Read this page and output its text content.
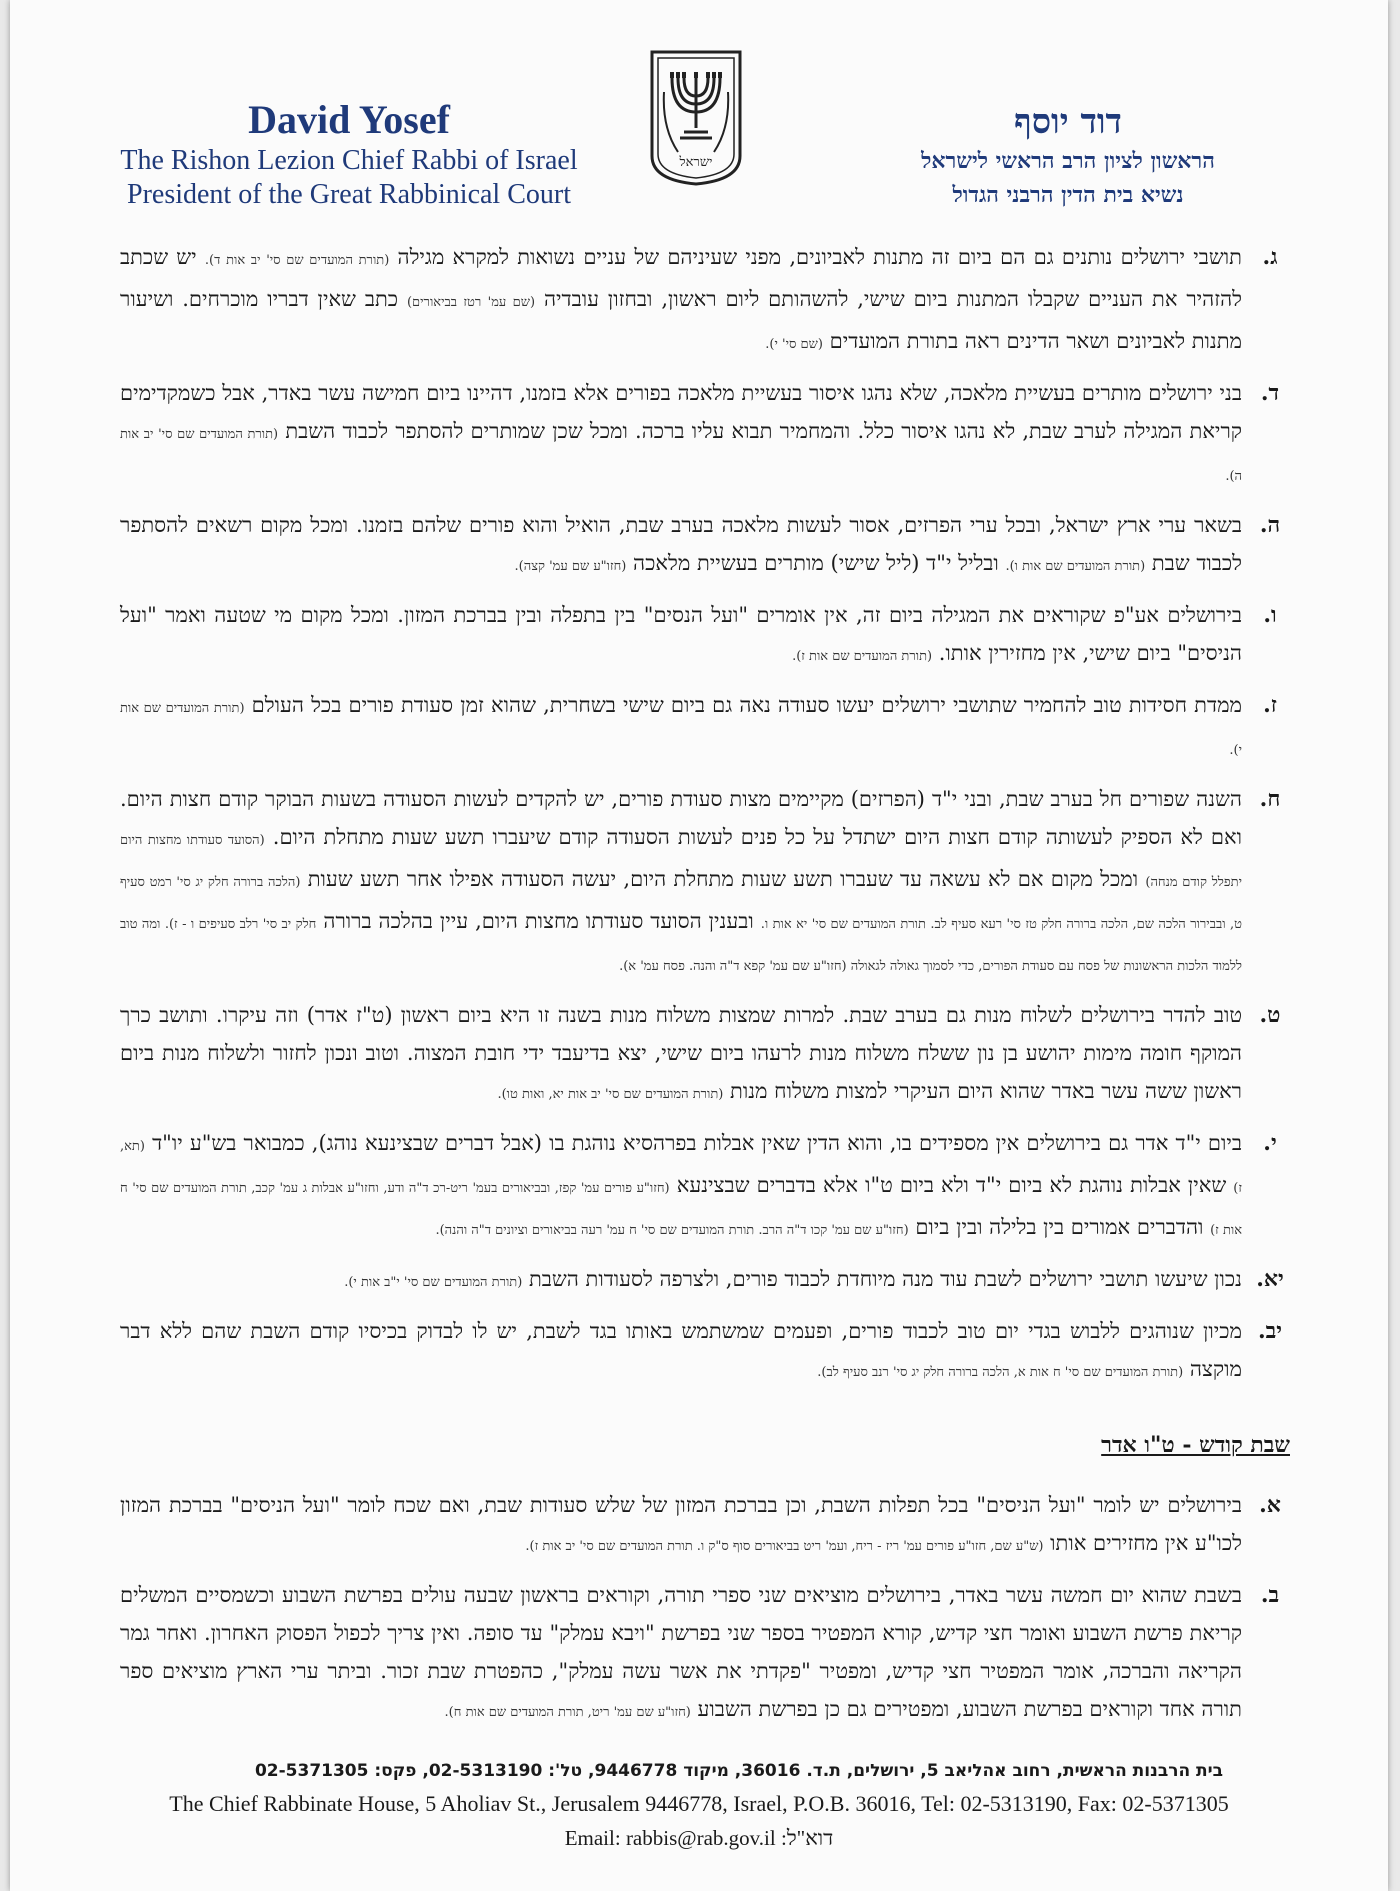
David Yosef
The Rishon Lezion Chief Rabbi of Israel
President of the Great Rabbinical Court
ישראל
דוד יוסף
הראשון לציון הרב הראשי לישראל
נשיא בית הדין הרבני הגדול
ג.
תושבי ירושלים נותנים גם הם ביום זה מתנות לאביונים, מפני שעיניהם של עניים נשואות למקרא מגילה (תורת המועדים שם סי' יב אות ד). יש שכתב להזהיר את העניים שקבלו המתנות ביום שישי, להשהותם ליום ראשון, ובחזון עובדיה (שם עמ' רטז בביאורים) כתב שאין דבריו מוכרחים. ושיעור מתנות לאביונים ושאר הדינים ראה בתורת המועדים (שם סי' י).
ד.
בני ירושלים מותרים בעשיית מלאכה, שלא נהגו איסור בעשיית מלאכה בפורים אלא בזמנו, דהיינו ביום חמישה עשר באדר, אבל כשמקדימים קריאת המגילה לערב שבת, לא נהגו איסור כלל. והמחמיר תבוא עליו ברכה. ומכל שכן שמותרים להסתפר לכבוד השבת (תורת המועדים שם סי' יב אות ה).
ה.
בשאר ערי ארץ ישראל, ובכל ערי הפרזים, אסור לעשות מלאכה בערב שבת, הואיל והוא פורים שלהם בזמנו. ומכל מקום רשאים להסתפר לכבוד שבת (תורת המועדים שם אות ו). ובליל י"ד (ליל שישי) מותרים בעשיית מלאכה (חזו"ע שם עמ' קצה).
ו.
בירושלים אע"פ שקוראים את המגילה ביום זה, אין אומרים "ועל הנסים" בין בתפלה ובין בברכת המזון. ומכל מקום מי שטעה ואמר "ועל הניסים" ביום שישי, אין מחזירין אותו. (תורת המועדים שם אות ז).
ז.
ממדת חסידות טוב להחמיר שתושבי ירושלים יעשו סעודה נאה גם ביום שישי בשחרית, שהוא זמן סעודת פורים בכל העולם (תורת המועדים שם אות י).
ח.
השנה שפורים חל בערב שבת, ובני י"ד (הפרזים) מקיימים מצות סעודת פורים, יש להקדים לעשות הסעודה בשעות הבוקר קודם חצות היום. ואם לא הספיק לעשותה קודם חצות היום ישתדל על כל פנים לעשות הסעודה קודם שיעברו תשע שעות מתחלת היום. (הסועד סעודתו מחצות היום יתפלל קודם מנחה) ומכל מקום אם לא עשאה עד שעברו תשע שעות מתחלת היום, יעשה הסעודה אפילו אחר תשע שעות (הלכה ברורה חלק יג סי' רמט סעיף ט, ובבירור הלכה שם, הלכה ברורה חלק טז סי' רעא סעיף לב. תורת המועדים שם סי' יא אות ו. ובענין הסועד סעודתו מחצות היום, עיין בהלכה ברורה חלק יב סי' רלב סעיפים ו - ז). ומה טוב ללמוד הלכות הראשונות של פסח עם סעודת הפורים, כדי לסמוך גאולה לגאולה (חזו"ע שם עמ' קפא ד"ה והנה. פסח עמ' א).
ט.
טוב להדר בירושלים לשלוח מנות גם בערב שבת. למרות שמצות משלוח מנות בשנה זו היא ביום ראשון (ט"ז אדר) וזה עיקרו. ותושב כרך המוקף חומה מימות יהושע בן נון ששלח משלוח מנות לרעהו ביום שישי, יצא בדיעבד ידי חובת המצוה. וטוב ונכון לחזור ולשלוח מנות ביום ראשון ששה עשר באדר שהוא היום העיקרי למצות משלוח מנות (תורת המועדים שם סי' יב אות יא, ואות טו).
י.
ביום י"ד אדר גם בירושלים אין מספידים בו, והוא הדין שאין אבלות בפרהסיא נוהגת בו (אבל דברים שבצינעא נוהג), כמבואר בש"ע יו"ד (תא, ז) שאין אבלות נוהגת לא ביום י"ד ולא ביום ט"ו אלא בדברים שבצינעא (חזו"ע פורים עמ' קפז, ובביאורים בעמ' ריט-רכ ד"ה ודע, וחזו"ע אבלות ג עמ' קכב, תורת המועדים שם סי' ח אות ז) והדברים אמורים בין בלילה ובין ביום (חזו"ע שם עמ' קכו ד"ה הרב. תורת המועדים שם סי' ח עמ' רעה בביאורים וציונים ד"ה והנה).
יא.
נכון שיעשו תושבי ירושלים לשבת עוד מנה מיוחדת לכבוד פורים, ולצרפה לסעודות השבת (תורת המועדים שם סי' י"ב אות י).
יב.
מכיון שנוהגים ללבוש בגדי יום טוב לכבוד פורים, ופעמים שמשתמש באותו בגד לשבת, יש לו לבדוק בכיסיו קודם השבת שהם ללא דבר מוקצה (תורת המועדים שם סי' ח אות א, הלכה ברורה חלק יג סי' רנב סעיף לב).
שבת קודש - ט"ו אדר
א.
בירושלים יש לומר "ועל הניסים" בכל תפלות השבת, וכן בברכת המזון של שלש סעודות שבת, ואם שכח לומר "ועל הניסים" בברכת המזון לכו"ע אין מחזירים אותו (ש"ע שם, חזו"ע פורים עמ' ריז - ריח, ועמ' ריט בביאורים סוף ס"ק ו. תורת המועדים שם סי' יב אות ז).
ב.
בשבת שהוא יום חמשה עשר באדר, בירושלים מוציאים שני ספרי תורה, וקוראים בראשון שבעה עולים בפרשת השבוע וכשמסיים המשלים קריאת פרשת השבוע ואומר חצי קדיש, קורא המפטיר בספר שני בפרשת "ויבא עמלק" עד סופה. ואין צריך לכפול הפסוק האחרון. ואחר גמר הקריאה והברכה, אומר המפטיר חצי קדיש, ומפטיר "פקדתי את אשר עשה עמלק", כהפטרת שבת זכור. וביתר ערי הארץ מוציאים ספר תורה אחד וקוראים בפרשת השבוע, ומפטירים גם כן בפרשת השבוע (חזו"ע שם עמ' ריט, תורת המועדים שם אות ח).
בית הרבנות הראשית, רחוב אהליאב 5, ירושלים, ת.ד. 36016, מיקוד 9446778, טל': 02-5313190, פקס: 02-5371305
The Chief Rabbinate House, 5 Aholiav St., Jerusalem 9446778, Israel, P.O.B. 36016, Tel: 02-5313190, Fax: 02-5371305
Email: rabbis@rab.gov.il :דוא"ל
